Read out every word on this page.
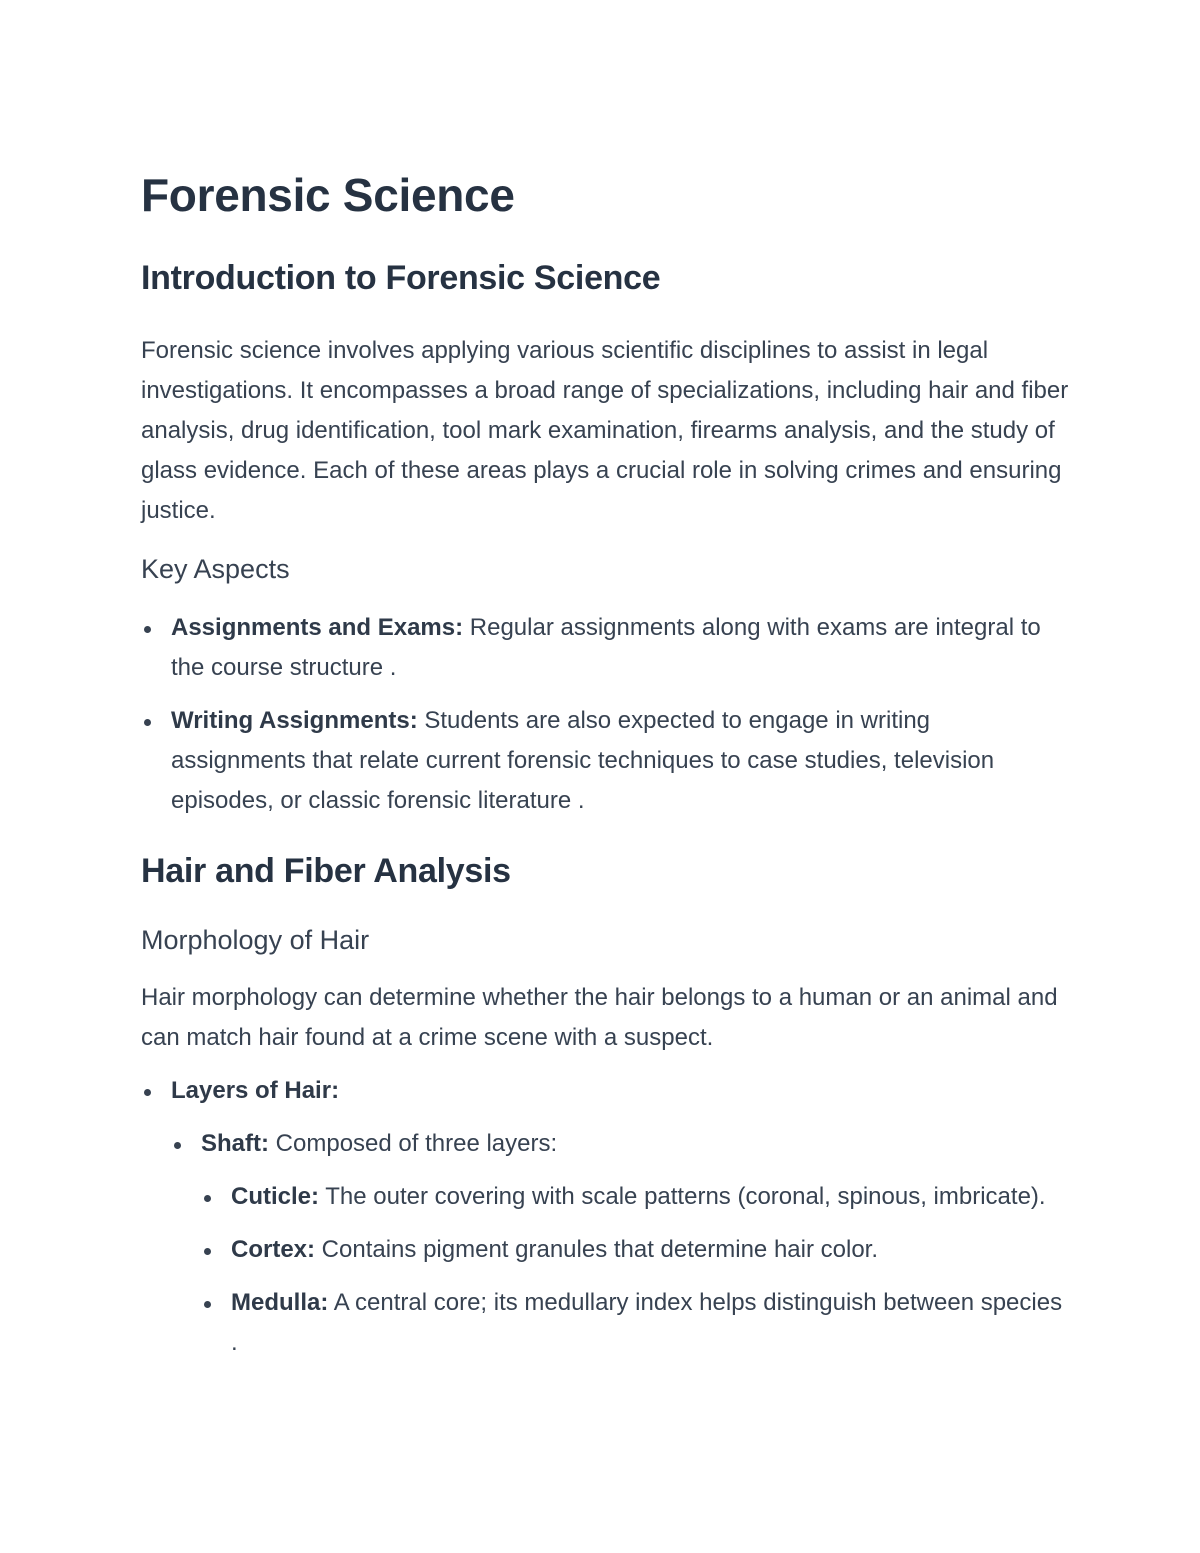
Forensic Science
Introduction to Forensic Science

Forensic science involves applying various scientific disciplines to assist in legal investigations. It encompasses a broad range of specializations, including hair and fiber analysis, drug identification, tool mark examination, firearms analysis, and the study of glass evidence. Each of these areas plays a crucial role in solving crimes and ensuring justice.

Key Aspects
Assignments and Exams: Regular assignments along with exams are integral to the course structure .
Writing Assignments: Students are also expected to engage in writing assignments that relate current forensic techniques to case studies, television episodes, or classic forensic literature .
Hair and Fiber Analysis
Morphology of Hair

Hair morphology can determine whether the hair belongs to a human or an animal and can match hair found at a crime scene with a suspect.

Layers of Hair:
Shaft: Composed of three layers:
Cuticle: The outer covering with scale patterns (coronal, spinous, imbricate).
Cortex: Contains pigment granules that determine hair color.
Medulla: A central core; its medullary index helps distinguish between species .
